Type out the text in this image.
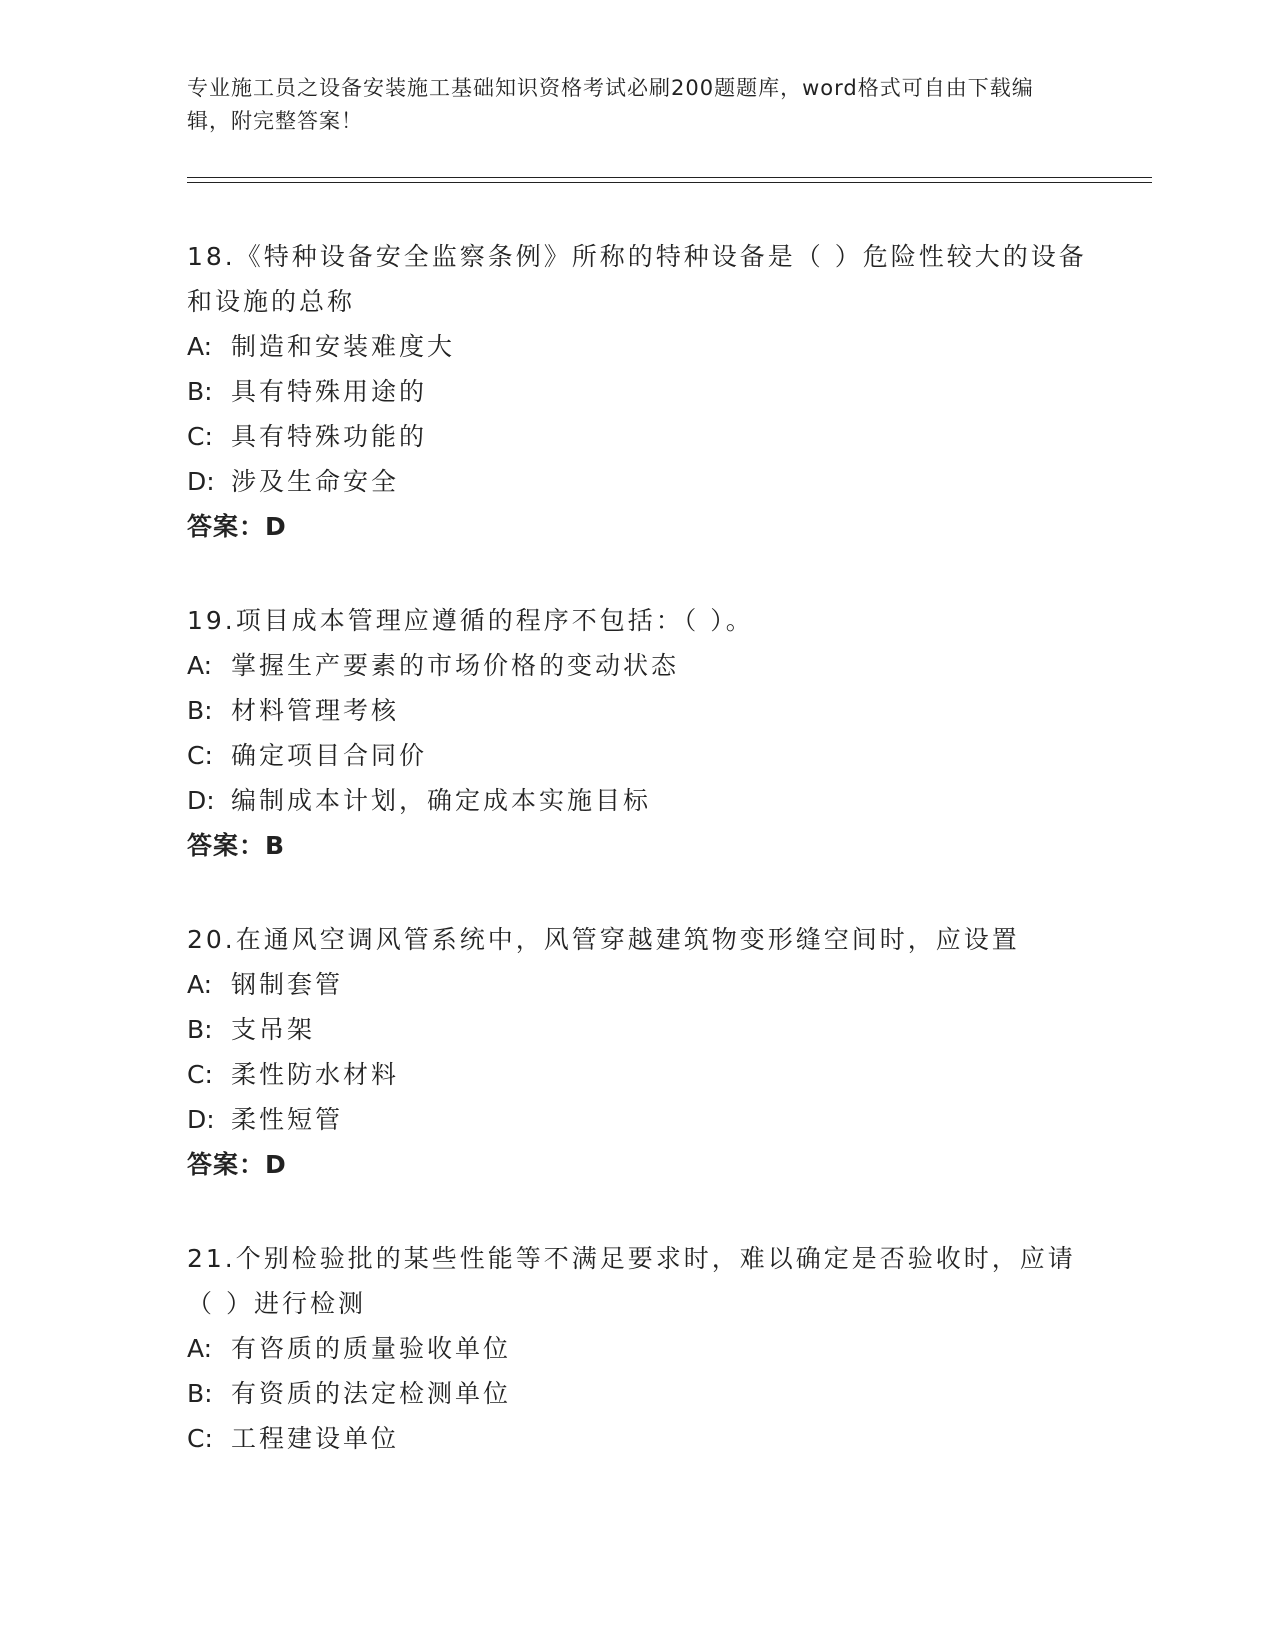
专业施工员之设备安装施工基础知识资格考试必刷200题题库，word格式可自由下载编辑，附完整答案！
18.《特种设备安全监察条例》所称的特种设备是（ ）危险性较大的设备和设施的总称
A: 制造和安装难度大
B: 具有特殊用途的
C: 具有特殊功能的
D: 涉及生命安全
答案：D
19.项目成本管理应遵循的程序不包括：（ ）。
A: 掌握生产要素的市场价格的变动状态
B: 材料管理考核
C: 确定项目合同价
D: 编制成本计划，确定成本实施目标
答案：B
20.在通风空调风管系统中，风管穿越建筑物变形缝空间时，应设置
A: 钢制套管
B: 支吊架
C: 柔性防水材料
D: 柔性短管
答案：D
21.个别检验批的某些性能等不满足要求时，难以确定是否验收时，应请（ ）进行检测
A: 有咨质的质量验收单位
B: 有资质的法定检测单位
C: 工程建设单位
